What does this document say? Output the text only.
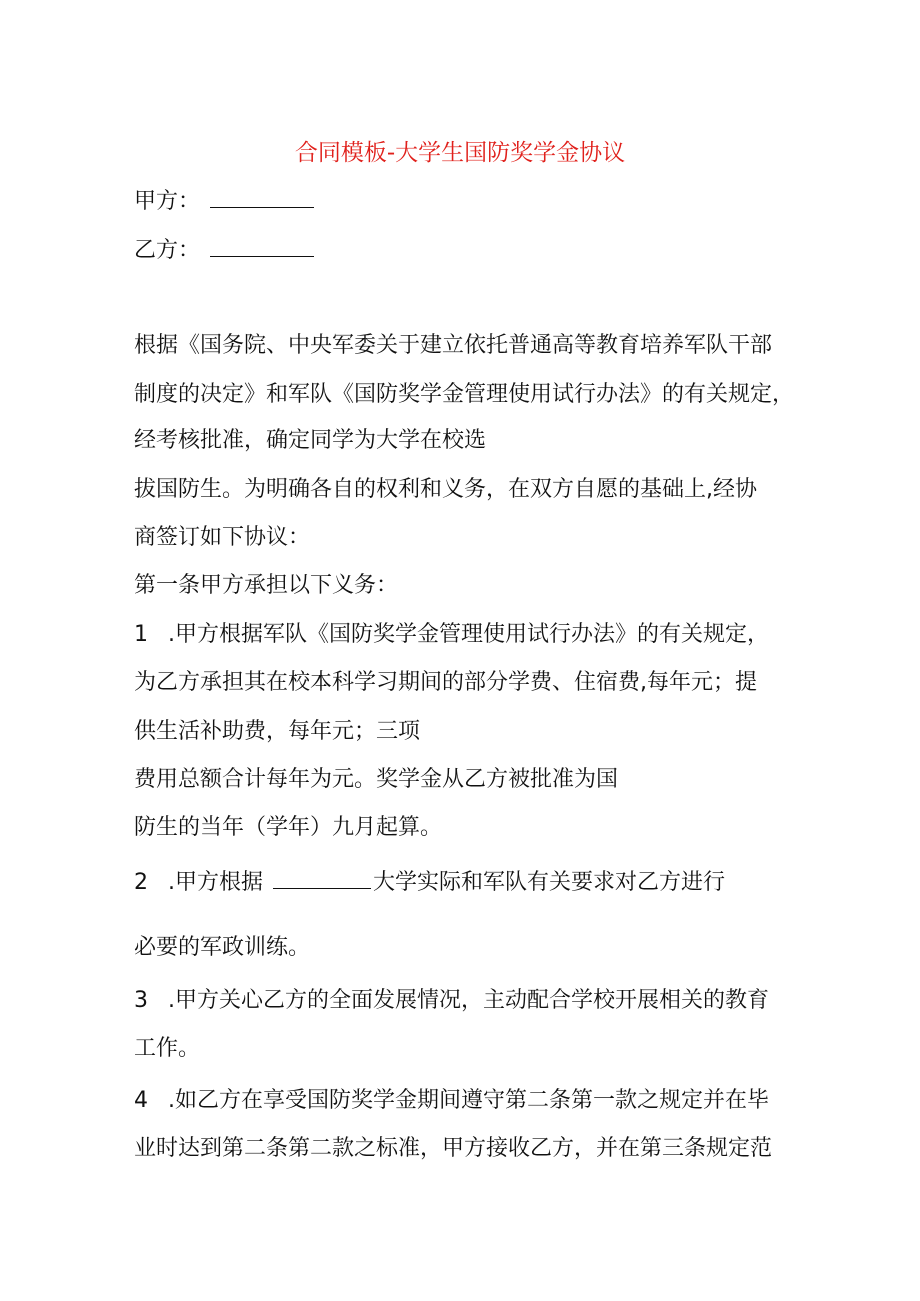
合同模板-大学生国防奖学金协议
甲方：
乙方：
根据《国务院、中央军委关于建立依托普通高等教育培养军队干部
制度的决定》和军队《国防奖学金管理使用试行办法》的有关规定，
经考核批准，确定同学为大学在校选
拔国防生。为明确各自的权利和义务，在双方自愿的基础上,经协
商签订如下协议：
第一条甲方承担以下义务：
1 .甲方根据军队《国防奖学金管理使用试行办法》的有关规定，
为乙方承担其在校本科学习期间的部分学费、住宿费,每年元；提
供生活补助费，每年元；三项
费用总额合计每年为元。奖学金从乙方被批准为国
防生的当年（学年）九月起算。
2 .甲方根据	大学实际和军队有关要求对乙方进行
必要的军政训练。
3 .甲方关心乙方的全面发展情况，主动配合学校开展相关的教育
工作。
4 .如乙方在享受国防奖学金期间遵守第二条第一款之规定并在毕
业时达到第二条第二款之标准，甲方接收乙方，并在第三条规定范
